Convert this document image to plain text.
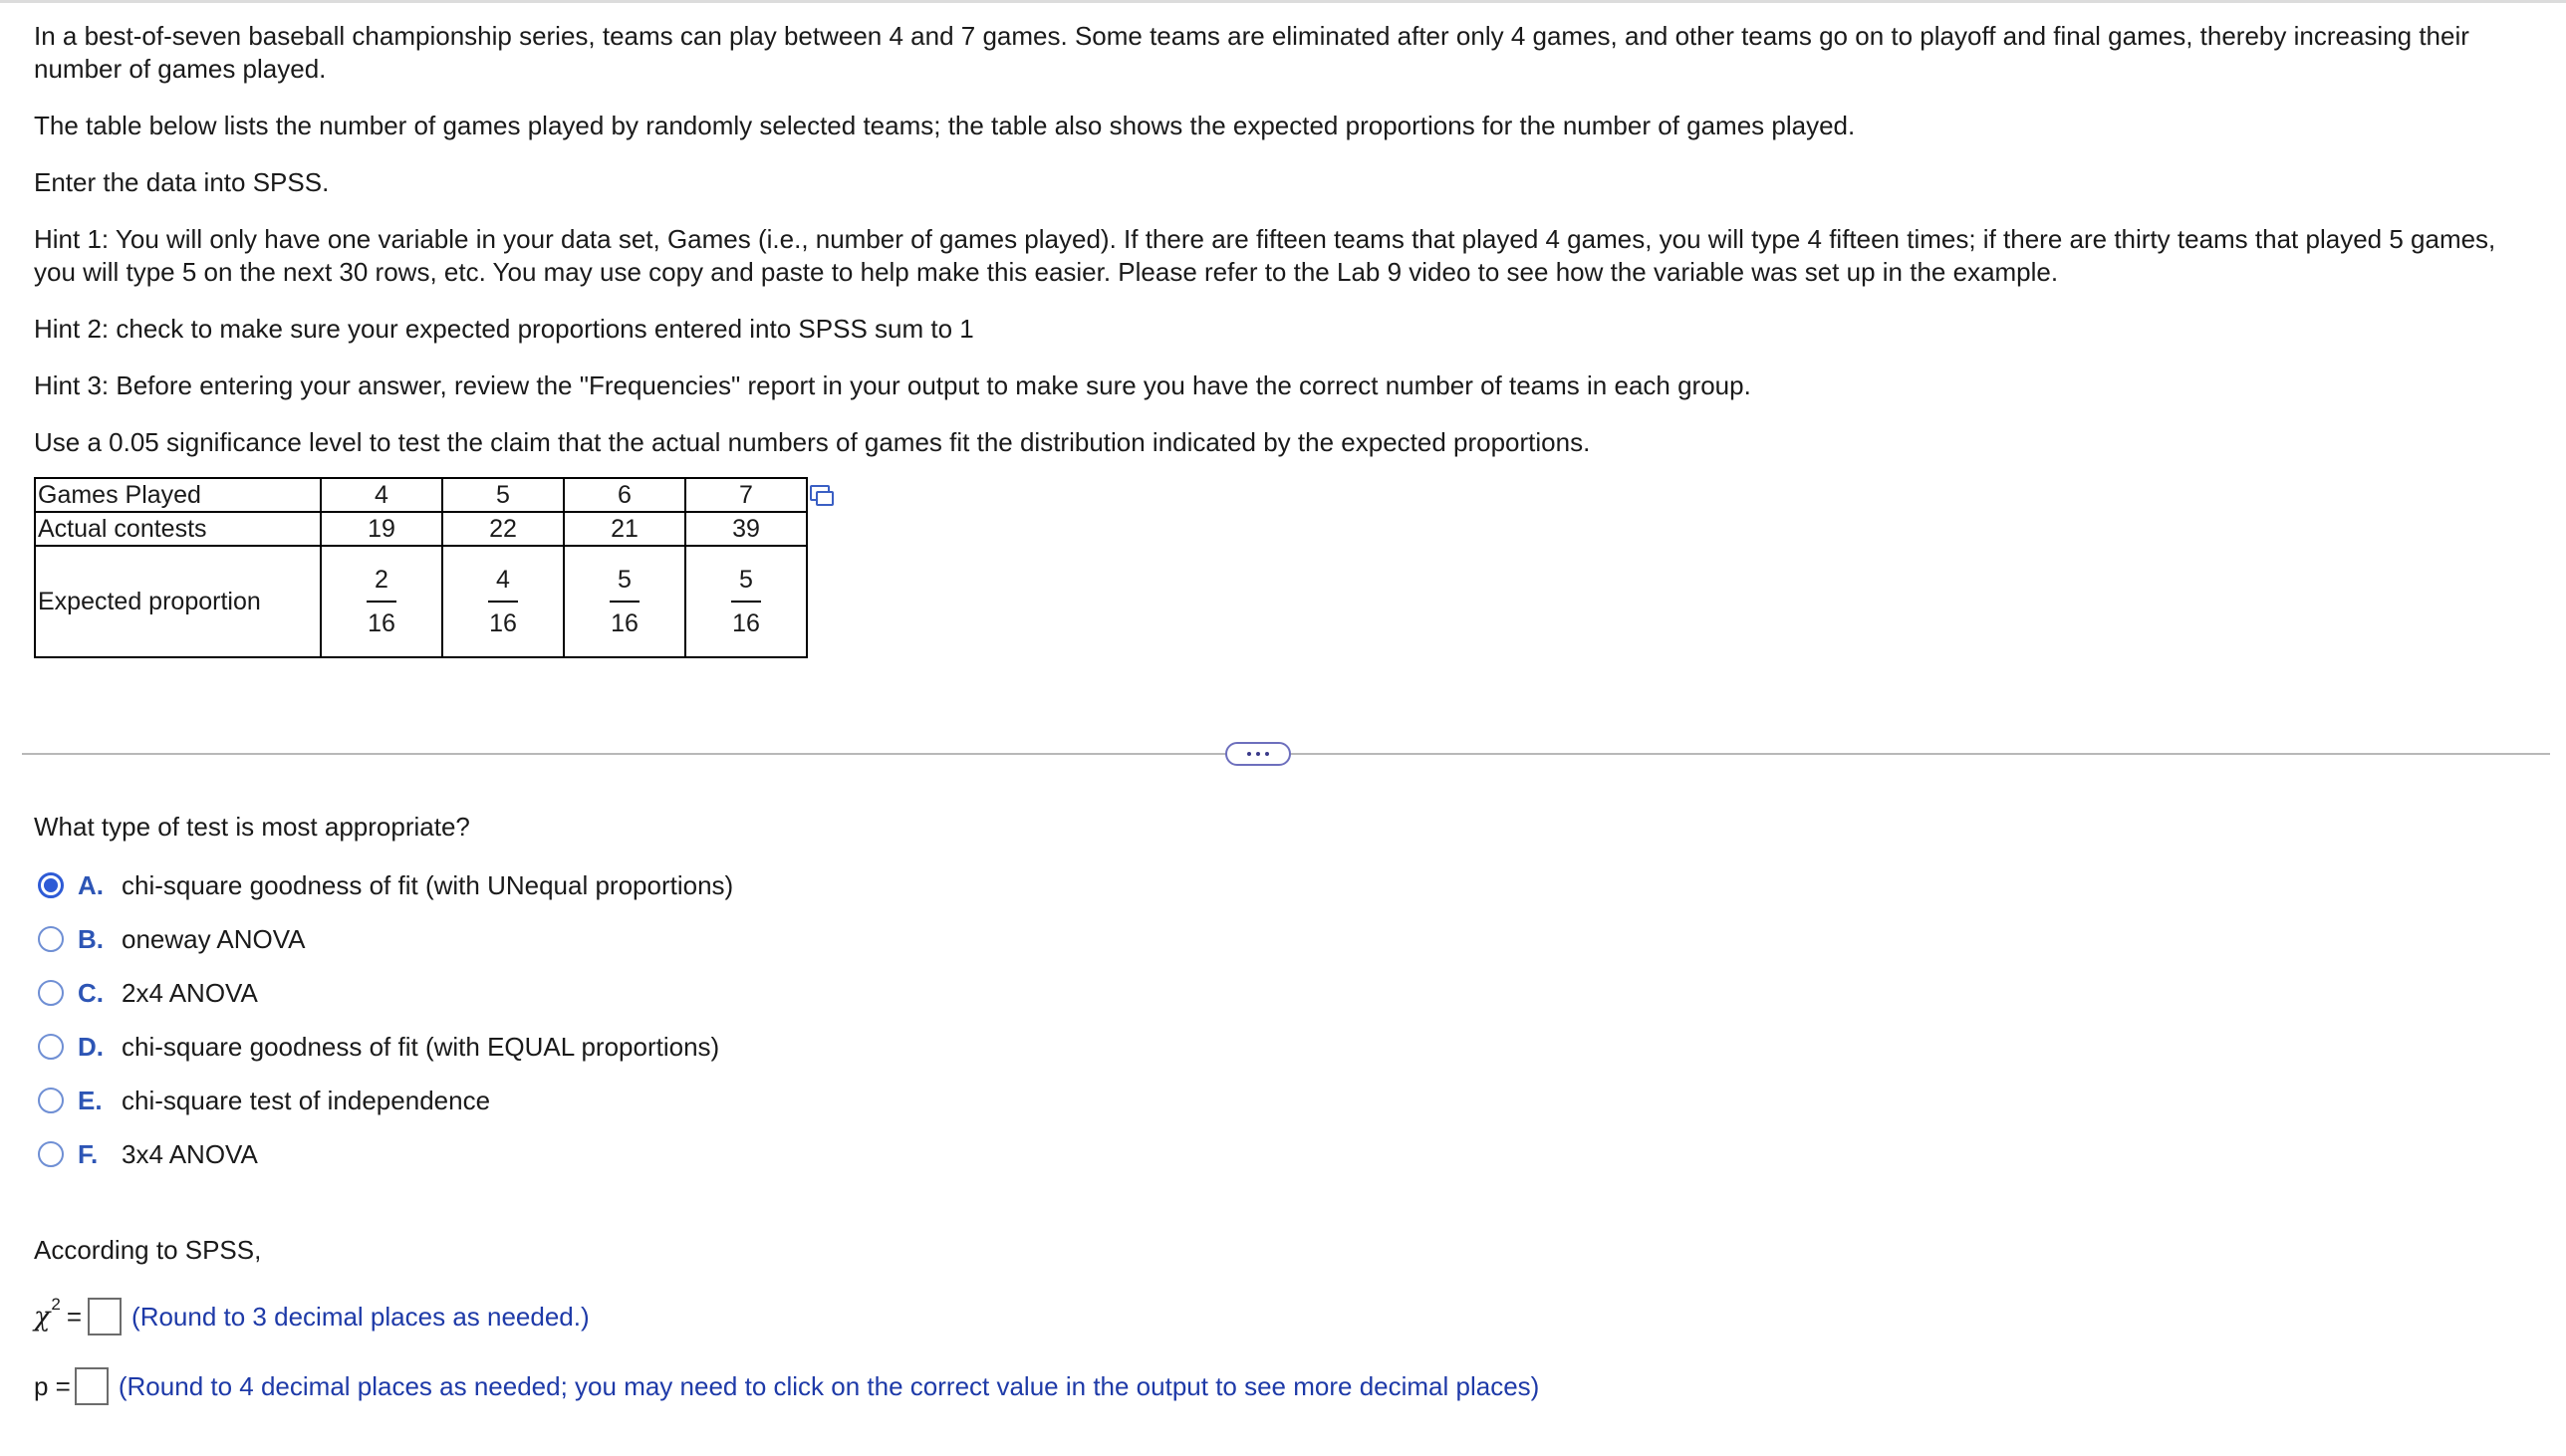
In a best-of-seven baseball championship series, teams can play between 4 and 7 games. Some teams are eliminated after only 4 games, and other teams go on to playoff and final games, thereby increasing their number of games played.

The table below lists the number of games played by randomly selected teams; the table also shows the expected proportions for the number of games played.

Enter the data into SPSS.

Hint 1: You will only have one variable in your data set, Games (i.e., number of games played). If there are fifteen teams that played 4 games, you will type 4 fifteen times; if there are thirty teams that played 5 games, you will type 5 on the next 30 rows, etc. You may use copy and paste to help make this easier. Please refer to the Lab 9 video to see how the variable was set up in the example.

Hint 2: check to make sure your expected proportions entered into SPSS sum to 1

Hint 3: Before entering your answer, review the "Frequencies" report in your output to make sure you have the correct number of teams in each group.

Use a 0.05 significance level to test the claim that the actual numbers of games fit the distribution indicated by the expected proportions.

Games Played	4	5	6	7
Actual contests	19	22	21	39
Expected proportion	$\frac{2}{16}$	$\frac{4}{16}$	$\frac{5}{16}$	$\frac{5}{16}$
What type of test is most appropriate?
A. chi-square goodness of fit (with UNequal proportions)
B. oneway ANOVA
C. 2x4 ANOVA
D. chi-square goodness of fit (with EQUAL proportions)
E. chi-square test of independence
F. 3x4 ANOVA
According to SPSS,
χ 2 = (Round to 3 decimal places as needed.)
p = (Round to 4 decimal places as needed; you may need to click on the correct value in the output to see more decimal places)
